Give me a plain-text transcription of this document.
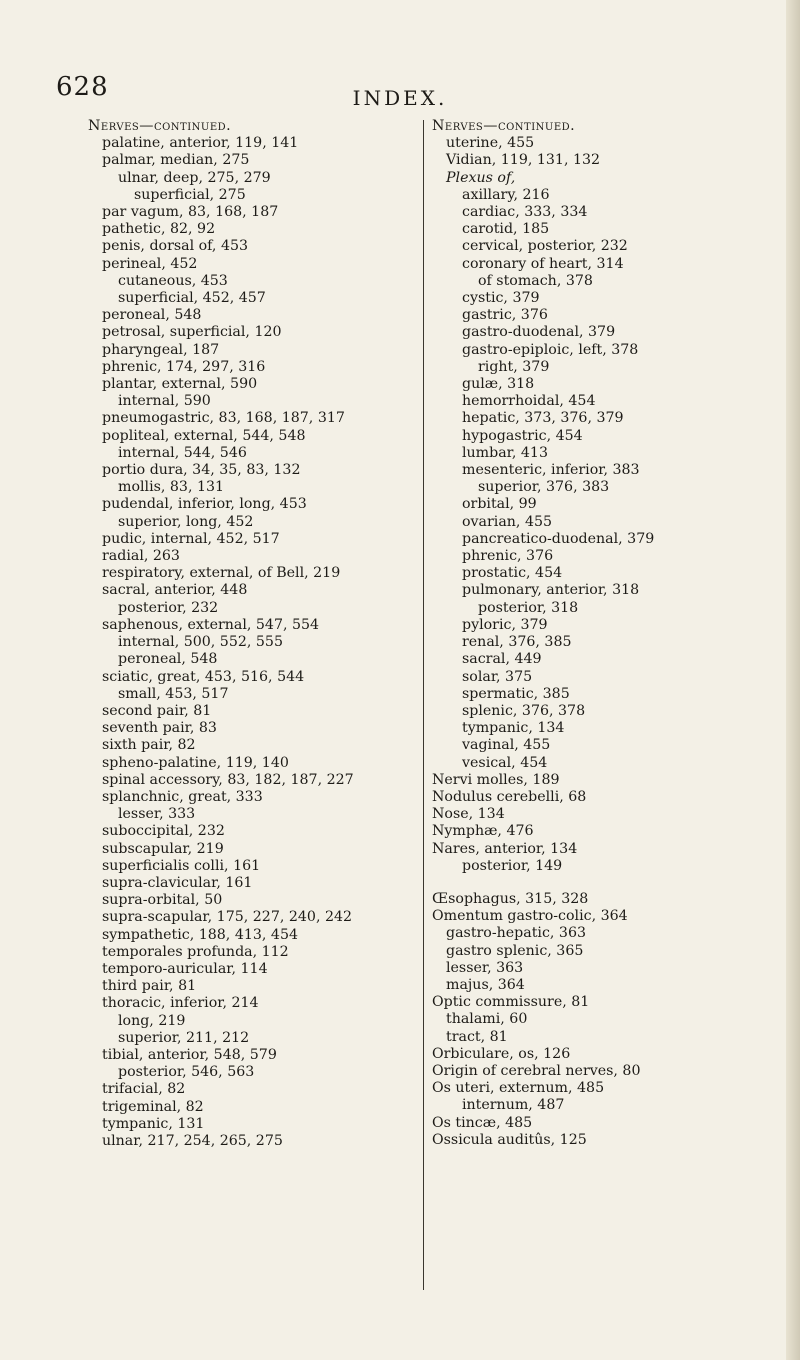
628	INDEX.
Nerves—continued.
palatine, anterior, 119, 141
palmar, median, 275
ulnar, deep, 275, 279
superficial, 275
par vagum, 83, 168, 187
pathetic, 82, 92
penis, dorsal of, 453
perineal, 452
cutaneous, 453
superficial, 452, 457
peroneal, 548
petrosal, superficial, 120
pharyngeal, 187
phrenic, 174, 297, 316
plantar, external, 590
internal, 590
pneumogastric, 83, 168, 187, 317
popliteal, external, 544, 548
internal, 544, 546
portio dura, 34, 35, 83, 132
mollis, 83, 131
pudendal, inferior, long, 453
superior, long, 452
pudic, internal, 452, 517
radial, 263
respiratory, external, of Bell, 219
sacral, anterior, 448
posterior, 232
saphenous, external, 547, 554
internal, 500, 552, 555
peroneal, 548
sciatic, great, 453, 516, 544
small, 453, 517
second pair, 81
seventh pair, 83
sixth pair, 82
spheno-palatine, 119, 140
spinal accessory, 83, 182, 187, 227
splanchnic, great, 333
lesser, 333
suboccipital, 232
subscapular, 219
superficialis colli, 161
supra-clavicular, 161
supra-orbital, 50
supra-scapular, 175, 227, 240, 242
sympathetic, 188, 413, 454
temporales profunda, 112
temporo-auricular, 114
third pair, 81
thoracic, inferior, 214
long, 219
superior, 211, 212
tibial, anterior, 548, 579
posterior, 546, 563
trifacial, 82
trigeminal, 82
tympanic, 131
ulnar, 217, 254, 265, 275
Nerves—continued.
uterine, 455
Vidian, 119, 131, 132
Plexus of,
axillary, 216
cardiac, 333, 334
carotid, 185
cervical, posterior, 232
coronary of heart, 314
of stomach, 378
cystic, 379
gastric, 376
gastro-duodenal, 379
gastro-epiploic, left, 378
right, 379
gulæ, 318
hemorrhoidal, 454
hepatic, 373, 376, 379
hypogastric, 454
lumbar, 413
mesenteric, inferior, 383
superior, 376, 383
orbital, 99
ovarian, 455
pancreatico-duodenal, 379
phrenic, 376
prostatic, 454
pulmonary, anterior, 318
posterior, 318
pyloric, 379
renal, 376, 385
sacral, 449
solar, 375
spermatic, 385
splenic, 376, 378
tympanic, 134
vaginal, 455
vesical, 454
Nervi molles, 189
Nodulus cerebelli, 68
Nose, 134
Nymphæ, 476
Nares, anterior, 134
posterior, 149
Œsophagus, 315, 328
Omentum gastro-colic, 364
gastro-hepatic, 363
gastro splenic, 365
lesser, 363
majus, 364
Optic commissure, 81
thalami, 60
tract, 81
Orbiculare, os, 126
Origin of cerebral nerves, 80
Os uteri, externum, 485
internum, 487
Os tincæ, 485
Ossicula auditûs, 125
